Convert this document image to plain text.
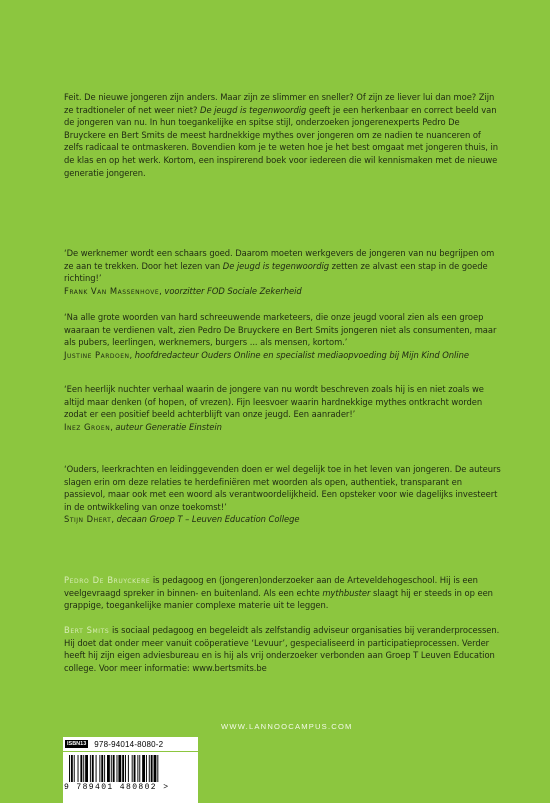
Feit. De nieuwe jongeren zijn anders. Maar zijn ze slimmer en sneller? Of zijn ze liever lui dan moe? Zijn ze tradtioneler of net weer niet? De jeugd is tegenwoordig geeft je een herkenbaar en correct beeld van de jongeren van nu. In hun toegankelijke en spitse stijl, onderzoeken jongerenexperts Pedro De Bruyckere en Bert Smits de meest hardnekkige mythes over jongeren om ze nadien te nuanceren of zelfs radicaal te ontmaskeren. Bovendien kom je te weten hoe je het best omgaat met jongeren thuis, in de klas en op het werk. Kortom, een inspirerend boek voor iedereen die wil kennismaken met de nieuwe generatie jongeren.

‘De werknemer wordt een schaars goed. Daarom moeten werkgevers de jongeren van nu begrijpen om ze aan te trekken. Door het lezen van De jeugd is tegenwoordig zetten ze alvast een stap in de goede richting!’
Frank Van Massenhove, voorzitter FOD Sociale Zekerheid

‘Na alle grote woorden van hard schreeuwende marketeers, die onze jeugd vooral zien als een groep waaraan te verdienen valt, zien Pedro De Bruyckere en Bert Smits jongeren niet als consumenten, maar als pubers, leerlingen, werknemers, burgers ... als mensen, kortom.’
Justine Pardoen, hoofdredacteur Ouders Online en specialist mediaopvoeding bij Mijn Kind Online

‘Een heerlijk nuchter verhaal waarin de jongere van nu wordt beschreven zoals hij is en niet zoals we altijd maar denken (of hopen, of vrezen). Fijn leesvoer waarin hardnekkige mythes ontkracht worden zodat er een positief beeld achterblijft van onze jeugd. Een aanrader!’
Inez Groen, auteur Generatie Einstein

‘Ouders, leerkrachten en leidinggevenden doen er wel degelijk toe in het leven van jongeren. De auteurs slagen erin om deze relaties te herdefiniëren met woorden als open, authentiek, transparant en passievol, maar ook met een woord als verantwoordelijkheid. Een opsteker voor wie dagelijks investeert in de ontwikkeling van onze toekomst!’
Stijn Dhert, decaan Groep T – Leuven Education College

Pedro De Bruyckere is pedagoog en (jongeren)onderzoeker aan de Arteveldehogeschool. Hij is een veelgevraagd spreker in binnen- en buitenland. Als een echte mythbuster slaagt hij er steeds in op een grappige, toegankelijke manier complexe materie uit te leggen.

Bert Smits is sociaal pedagoog en begeleidt als zelfstandig adviseur organisaties bij veranderprocessen. Hij doet dat onder meer vanuit coöperatieve ‘Levuur’, gespecialiseerd in participatieprocessen. Verder heeft hij zijn eigen adviesbureau en is hij als vrij onderzoeker verbonden aan Groep T Leuven Education college. Voor meer informatie: www.bertsmits.be

ISBN13 978-94014-8080-2
9 789401 480802 >
WWW.LANNOOCAMPUS.COM
